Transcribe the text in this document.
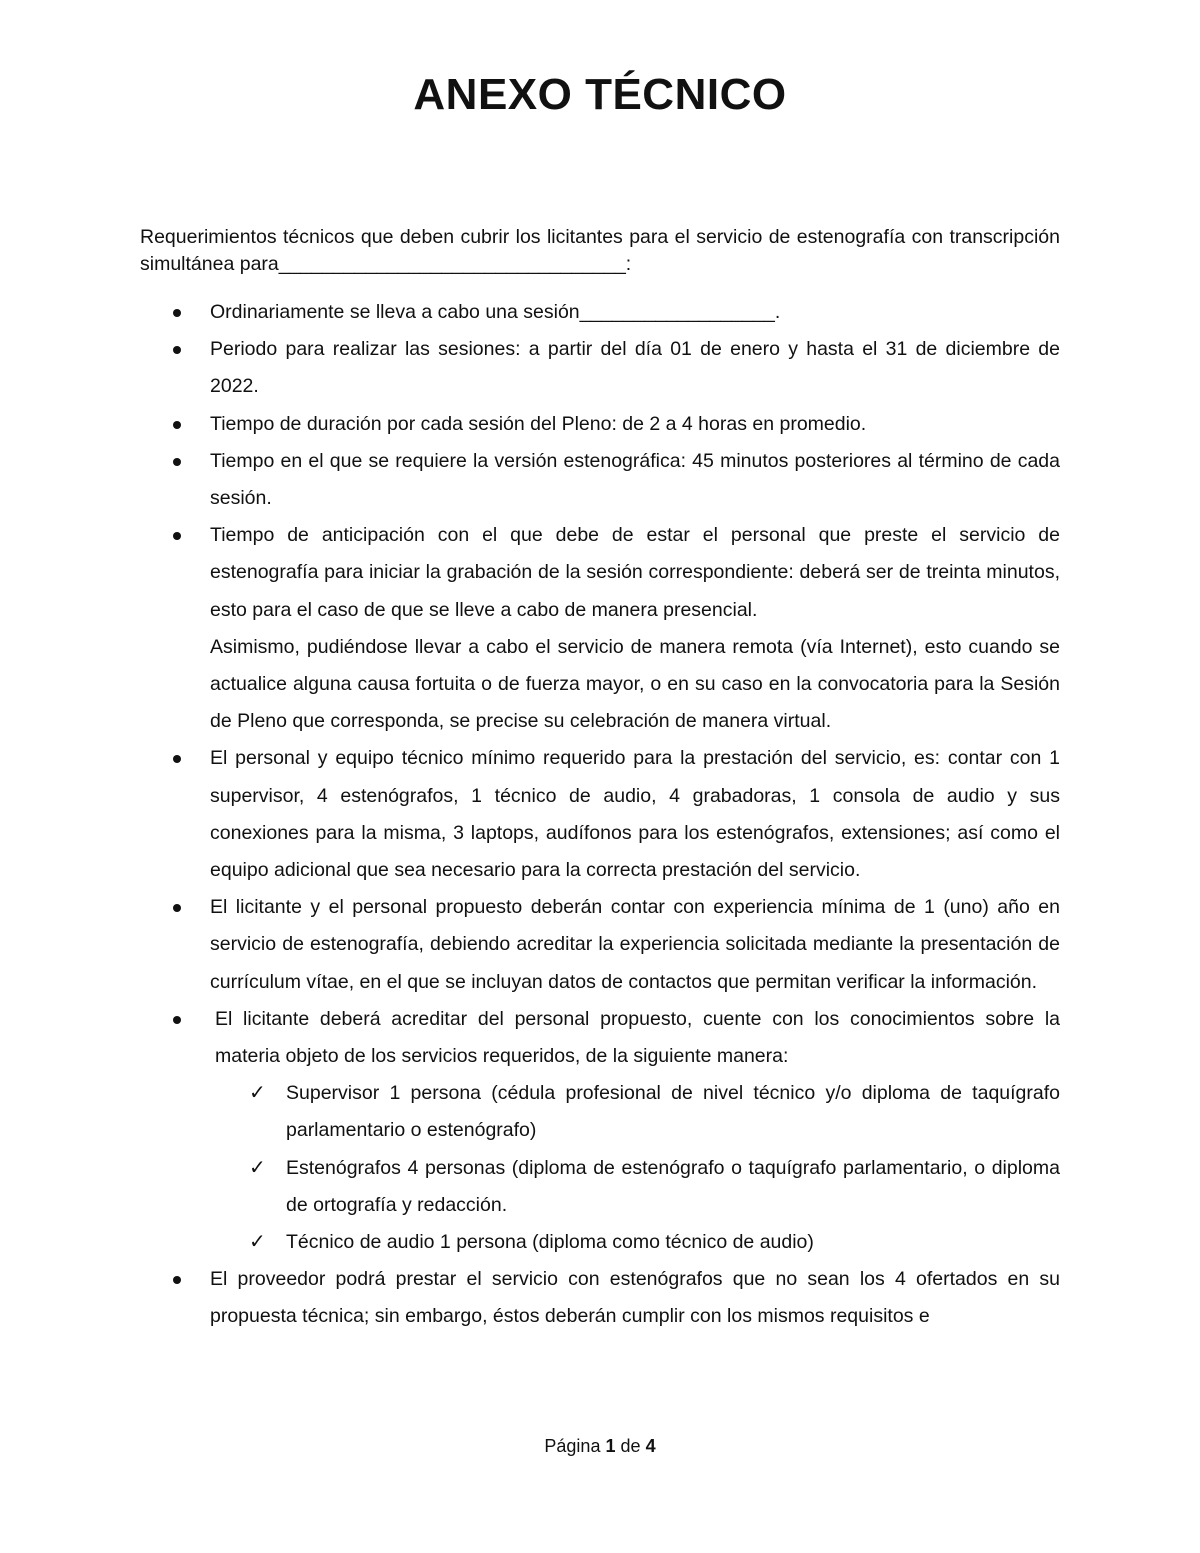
ANEXO TÉCNICO

Requerimientos técnicos que deben cubrir los licitantes para el servicio de estenografía con transcripción simultánea para________________________________:

Ordinariamente se lleva a cabo una sesión__________________.
Periodo para realizar las sesiones: a partir del día 01 de enero y hasta el 31 de diciembre de 2022.
Tiempo de duración por cada sesión del Pleno: de 2 a 4 horas en promedio.
Tiempo en el que se requiere la versión estenográfica: 45 minutos posteriores al término de cada sesión.
Tiempo de anticipación con el que debe de estar el personal que preste el servicio de estenografía para iniciar la grabación de la sesión correspondiente: deberá ser de treinta minutos, esto para el caso de que se lleve a cabo de manera presencial.
Asimismo, pudiéndose llevar a cabo el servicio de manera remota (vía Internet), esto cuando se actualice alguna causa fortuita o de fuerza mayor, o en su caso en la convocatoria para la Sesión de Pleno que corresponda, se precise su celebración de manera virtual.
El personal y equipo técnico mínimo requerido para la prestación del servicio, es: contar con 1 supervisor, 4 estenógrafos, 1 técnico de audio, 4 grabadoras, 1 consola de audio y sus conexiones para la misma, 3 laptops, audífonos para los estenógrafos, extensiones; así como el equipo adicional que sea necesario para la correcta prestación del servicio.
El licitante y el personal propuesto deberán contar con experiencia mínima de 1 (uno) año en servicio de estenografía, debiendo acreditar la experiencia solicitada mediante la presentación de currículum vítae, en el que se incluyan datos de contactos que permitan verificar la información.
El licitante deberá acreditar del personal propuesto, cuente con los conocimientos sobre la materia objeto de los servicios requeridos, de la siguiente manera:
✓ Supervisor 1 persona (cédula profesional de nivel técnico y/o diploma de taquígrafo parlamentario o estenógrafo)
✓ Estenógrafos 4 personas (diploma de estenógrafo o taquígrafo parlamentario, o diploma de ortografía y redacción.
✓ Técnico de audio 1 persona (diploma como técnico de audio)
El proveedor podrá prestar el servicio con estenógrafos que no sean los 4 ofertados en su propuesta técnica; sin embargo, éstos deberán cumplir con los mismos requisitos e
Página 1 de 4
